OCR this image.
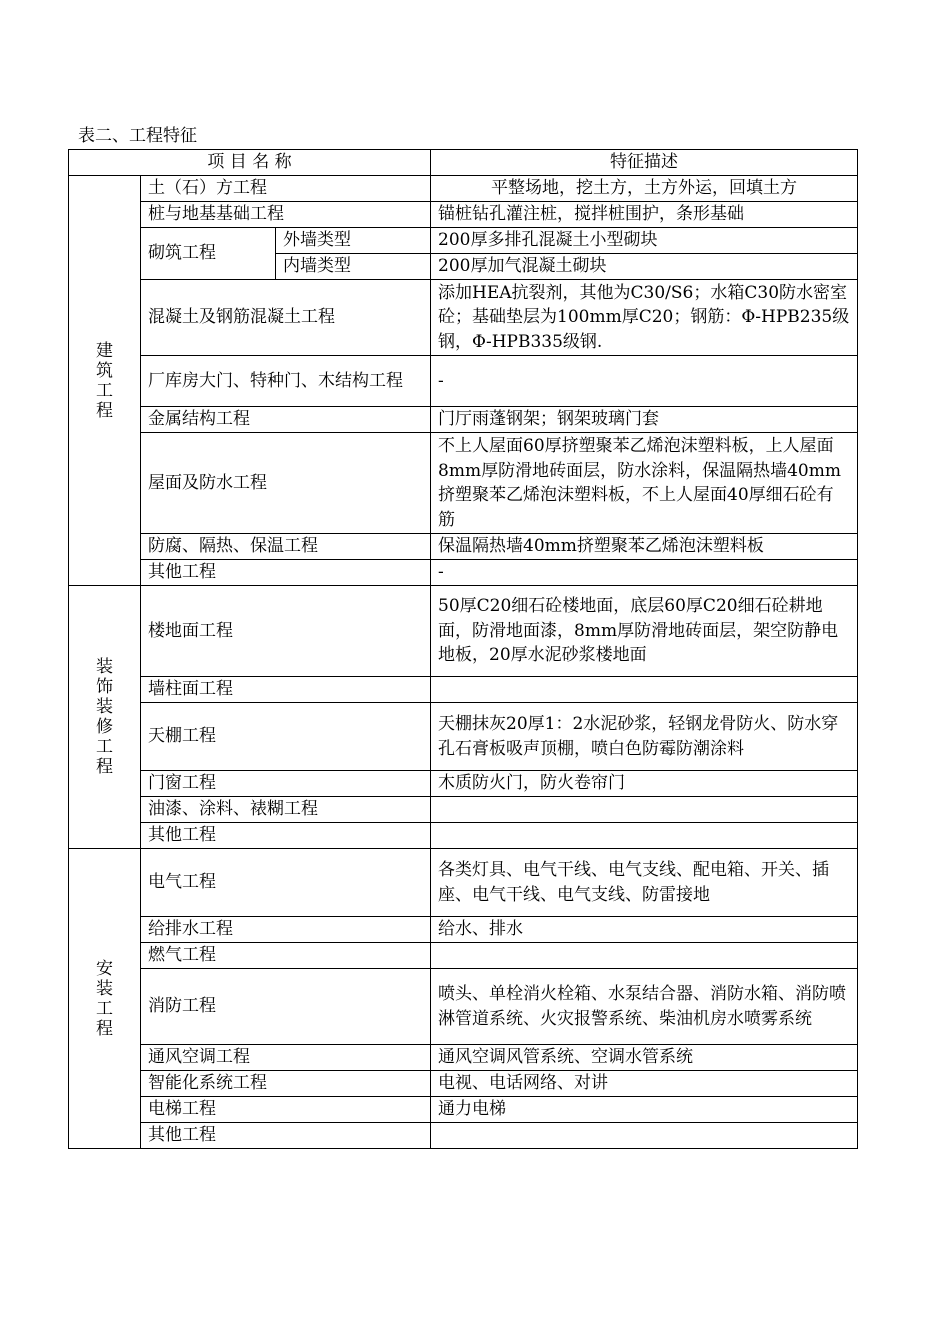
表二、工程特征
项 目 名 称			特征描述

建筑工程	土（石）方工程		平整场地，挖土方，土方外运，回填土方
	桩与地基基础工程		锚桩钻孔灌注桩，搅拌桩围护，条形基础
	砌筑工程	外墙类型	200厚多排孔混凝土小型砌块
		内墙类型	200厚加气混凝土砌块
	混凝土及钢筋混凝土工程		添加HEA抗裂剂，其他为C30/S6；水箱C30防水密室砼；基础垫层为100mm厚C20；钢筋：Φ-HPB235级钢，Φ-HPB335级钢.
	厂库房大门、特种门、木结构工程		-
	金属结构工程		门厅雨蓬钢架；钢架玻璃门套
	屋面及防水工程		不上人屋面60厚挤塑聚苯乙烯泡沫塑料板，上人屋面8mm厚防滑地砖面层，防水涂料，保温隔热墙40mm挤塑聚苯乙烯泡沫塑料板，不上人屋面40厚细石砼有筋
	防腐、隔热、保温工程		保温隔热墙40mm挤塑聚苯乙烯泡沫塑料板
	其他工程		-

装饰装修工程	楼地面工程		50厚C20细石砼楼地面，底层60厚C20细石砼耕地面，防滑地面漆，8mm厚防滑地砖面层，架空防静电地板，20厚水泥砂浆楼地面
	墙柱面工程		
	天棚工程		天棚抹灰20厚1：2水泥砂浆，轻钢龙骨防火、防水穿孔石膏板吸声顶棚，喷白色防霉防潮涂料
	门窗工程		木质防火门，防火卷帘门
	油漆、涂料、裱糊工程		
	其他工程		

安装工程	电气工程		各类灯具、电气干线、电气支线、配电箱、开关、插座、电气干线、电气支线、防雷接地
	给排水工程		给水、排水
	燃气工程		
	消防工程		喷头、单栓消火栓箱、水泵结合器、消防水箱、消防喷淋管道系统、火灾报警系统、柴油机房水喷雾系统
	通风空调工程		通风空调风管系统、空调水管系统
	智能化系统工程		电视、电话网络、对讲
	电梯工程		通力电梯
	其他工程		
